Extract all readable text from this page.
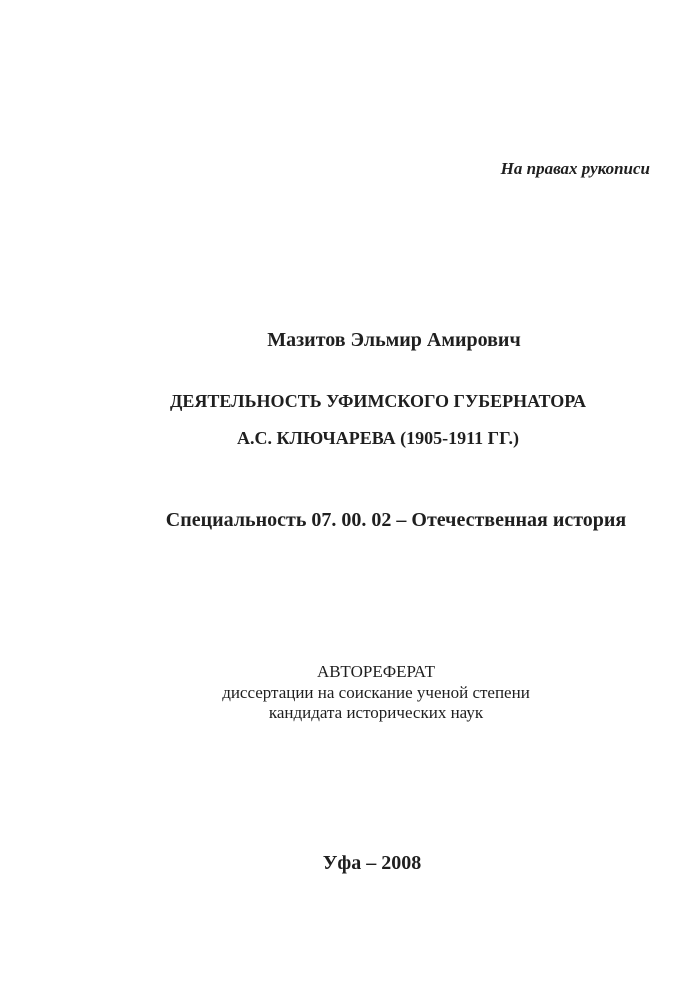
На правах рукописи
Мазитов Эльмир Амирович
ДЕЯТЕЛЬНОСТЬ УФИМСКОГО ГУБЕРНАТОРА
А.С. КЛЮЧАРЕВА (1905-1911 ГГ.)
Специальность 07. 00. 02 – Отечественная история
АВТОРЕФЕРАТ
диссертации на соискание ученой степени
кандидата исторических наук
Уфа – 2008
